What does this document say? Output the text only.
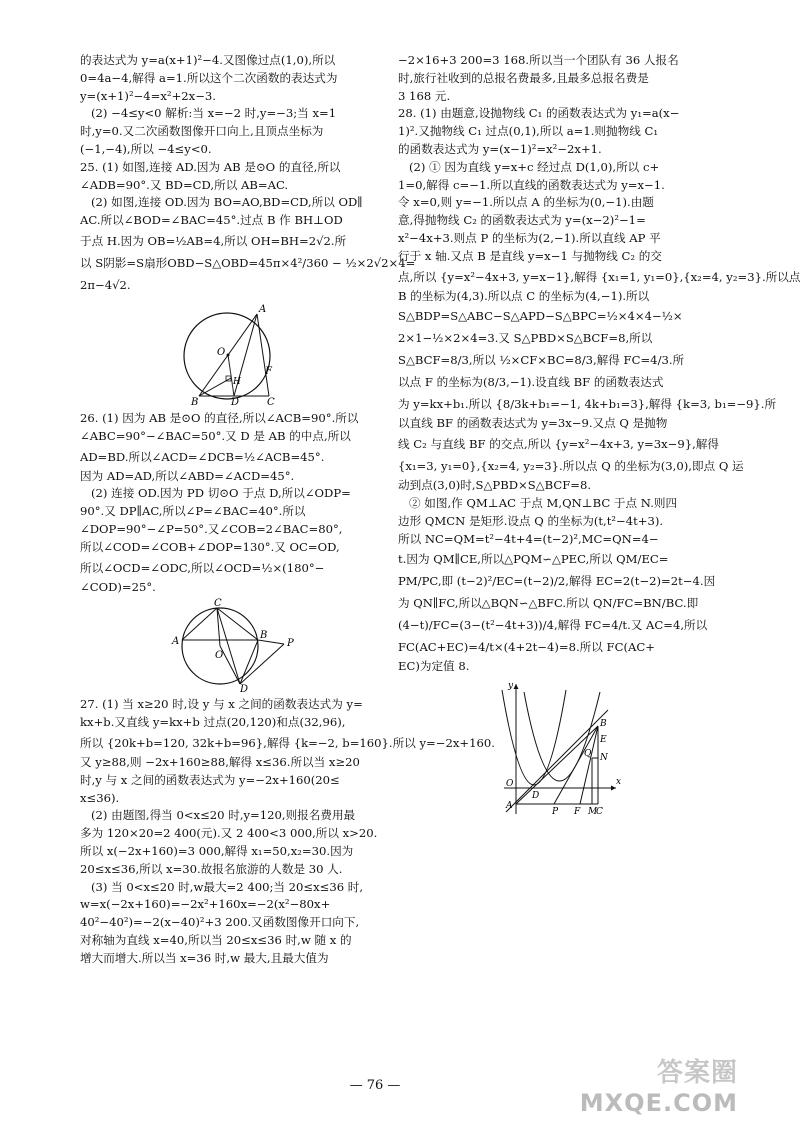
的表达式为 y=a(x+1)²−4.又图像过点(1,0),所以
0=4a−4,解得 a=1.所以这个二次函数的表达式为
y=(x+1)²−4=x²+2x−3.
(2) −4≤y<0 解析:当 x=−2 时,y=−3;当 x=1
时,y=0.又二次函数图像开口向上,且顶点坐标为
(−1,−4),所以 −4≤y<0.
25. (1) 如图,连接 AD.因为 AB 是⊙O 的直径,所以
∠ADB=90°.又 BD=CD,所以 AB=AC.
(2) 如图,连接 OD.因为 BO=AO,BD=CD,所以 OD∥
AC.所以∠BOD=∠BAC=45°.过点 B 作 BH⊥OD
于点 H.因为 OB=½AB=4,所以 OH=BH=2√2.所
以 S阴影=S扇形OBD−S△OBD=45π×4²/360 − ½×2√2×4=
2π−4√2.
A
O
H
F
B	D	C
26. (1) 因为 AB 是⊙O 的直径,所以∠ACB=90°.所以
∠ABC=90°−∠BAC=50°.又 D 是 AB 的中点,所以
AD=BD.所以∠ACD=∠DCB=½∠ACB=45°.
因为 AD=AD,所以∠ABD=∠ACD=45°.
(2) 连接 OD.因为 PD 切⊙O 于点 D,所以∠ODP=
90°.又 DP∥AC,所以∠P=∠BAC=40°.所以
∠DOP=90°−∠P=50°.又∠COB=2∠BAC=80°,
所以∠COD=∠COB+∠DOP=130°.又 OC=OD,
所以∠OCD=∠ODC,所以∠OCD=½×(180°−
∠COD)=25°.
C
A
B
P
O
D
27. (1) 当 x≥20 时,设 y 与 x 之间的函数表达式为 y=
kx+b.又直线 y=kx+b 过点(20,120)和点(32,96),
所以 {20k+b=120, 32k+b=96},解得 {k=−2, b=160}.所以 y=−2x+160.
又 y≥88,则 −2x+160≥88,解得 x≤36.所以当 x≥20
时,y 与 x 之间的函数表达式为 y=−2x+160(20≤
x≤36).
(2) 由题图,得当 0<x≤20 时,y=120,则报名费用最
多为 120×20=2 400(元).又 2 400<3 000,所以 x>20.
所以 x(−2x+160)=3 000,解得 x₁=50,x₂=30.因为
20≤x≤36,所以 x=30.故报名旅游的人数是 30 人.
(3) 当 0<x≤20 时,w最大=2 400;当 20≤x≤36 时,
w=x(−2x+160)=−2x²+160x=−2(x²−80x+
40²−40²)=−2(x−40)²+3 200.又函数图像开口向下,
对称轴为直线 x=40,所以当 20≤x≤36 时,w 随 x 的
增大而增大.所以当 x=36 时,w 最大,且最大值为
−2×16+3 200=3 168.所以当一个团队有 36 人报名
时,旅行社收到的总报名费最多,且最多总报名费是
3 168 元.
28. (1) 由题意,设抛物线 C₁ 的函数表达式为 y₁=a(x−
1)².又抛物线 C₁ 过点(0,1),所以 a=1.则抛物线 C₁
的函数表达式为 y=(x−1)²=x²−2x+1.
(2) ① 因为直线 y=x+c 经过点 D(1,0),所以 c+
1=0,解得 c=−1.所以直线的函数表达式为 y=x−1.
令 x=0,则 y=−1.所以点 A 的坐标为(0,−1).由题
意,得抛物线 C₂ 的函数表达式为 y=(x−2)²−1=
x²−4x+3.则点 P 的坐标为(2,−1).所以直线 AP 平
行于 x 轴.又点 B 是直线 y=x−1 与抛物线 C₂ 的交
点,所以 {y=x²−4x+3, y=x−1},解得 {x₁=1, y₁=0},{x₂=4, y₂=3}.所以点
B 的坐标为(4,3).所以点 C 的坐标为(4,−1).所以
S△BDP=S△ABC−S△APD−S△BPC=½×4×4−½×
2×1−½×2×4=3.又 S△PBD×S△BCF=8,所以
S△BCF=8/3,所以 ½×CF×BC=8/3,解得 FC=4/3.所
以点 F 的坐标为(8/3,−1).设直线 BF 的函数表达式
为 y=kx+b₁.所以 {8/3k+b₁=−1, 4k+b₁=3},解得 {k=3, b₁=−9}.所
以直线 BF 的函数表达式为 y=3x−9.又点 Q 是抛物
线 C₂ 与直线 BF 的交点,所以 {y=x²−4x+3, y=3x−9},解得
{x₁=3, y₁=0},{x₂=4, y₂=3}.所以点 Q 的坐标为(3,0),即点 Q 运
动到点(3,0)时,S△PBD×S△BCF=8.
② 如图,作 QM⊥AC 于点 M,QN⊥BC 于点 N.则四
边形 QMCN 是矩形.设点 Q 的坐标为(t,t²−4t+3).
所以 NC=QM=t²−4t+4=(t−2)²,MC=QN=4−
t.因为 QM∥CE,所以△PQM∽△PEC,所以 QM/EC=
PM/PC,即 (t−2)²/EC=(t−2)/2,解得 EC=2(t−2)=2t−4.因
为 QN∥FC,所以△BQN∽△BFC.所以 QN/FC=BN/BC.即
(4−t)/FC=(3−(t²−4t+3))/4,解得 FC=4/t.又 AC=4,所以
FC(AC+EC)=4/t×(4+2t−4)=8.所以 FC(AC+
EC)为定值 8.
y
x
O
A
D
P F M
C
B
E
N
Q
— 76 —	答案圈
MXQE.COM
